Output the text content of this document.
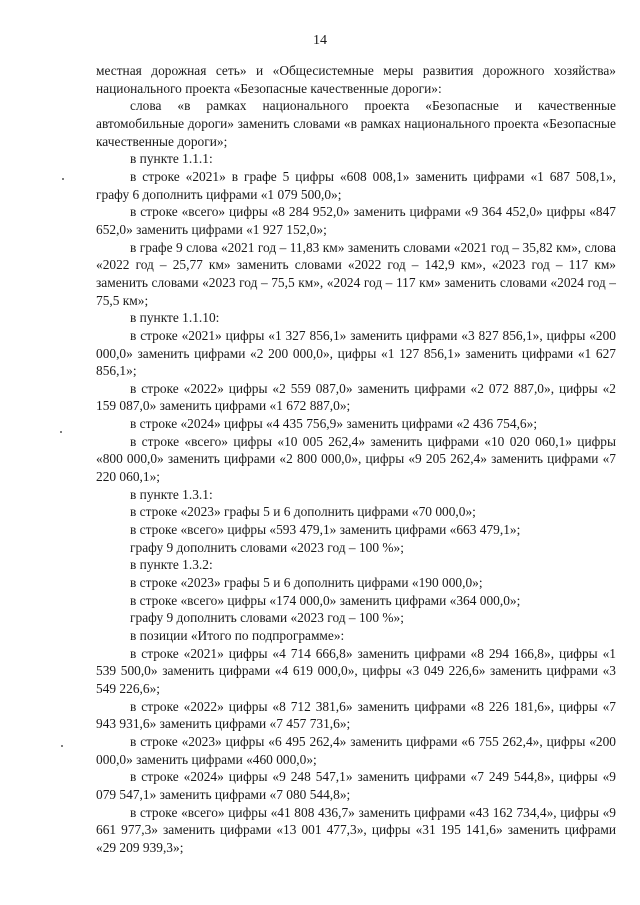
14

местная дорожная сеть» и «Общесистемные меры развития дорожного хозяйства» национального проекта «Безопасные качественные дороги»:

слова «в рамках национального проекта «Безопасные и качественные автомобильные дороги» заменить словами «в рамках национального проекта «Безопасные качественные дороги»;

в пункте 1.1.1:

в строке «2021» в графе 5 цифры «608 008,1» заменить цифрами «1 687 508,1», графу 6 дополнить цифрами «1 079 500,0»;

в строке «всего» цифры «8 284 952,0» заменить цифрами «9 364 452,0» цифры «847 652,0» заменить цифрами «1 927 152,0»;

в графе 9 слова «2021 год – 11,83 км» заменить словами «2021 год – 35,82 км», слова «2022 год – 25,77 км» заменить словами «2022 год – 142,9 км», «2023 год – 117 км» заменить словами «2023 год – 75,5 км», «2024 год – 117 км» заменить словами «2024 год – 75,5 км»;

в пункте 1.1.10:

в строке «2021» цифры «1 327 856,1» заменить цифрами «3 827 856,1», цифры «200 000,0» заменить цифрами «2 200 000,0», цифры «1 127 856,1» заменить цифрами «1 627 856,1»;

в строке «2022» цифры «2 559 087,0» заменить цифрами «2 072 887,0», цифры «2 159 087,0» заменить цифрами «1 672 887,0»;

в строке «2024» цифры «4 435 756,9» заменить цифрами «2 436 754,6»;

в строке «всего» цифры «10 005 262,4» заменить цифрами «10 020 060,1» цифры «800 000,0» заменить цифрами «2 800 000,0», цифры «9 205 262,4» заменить цифрами «7 220 060,1»;

в пункте 1.3.1:

в строке «2023» графы 5 и 6 дополнить цифрами «70 000,0»;

в строке «всего» цифры «593 479,1» заменить цифрами «663 479,1»;

графу 9 дополнить словами «2023 год – 100 %»;

в пункте 1.3.2:

в строке «2023» графы 5 и 6 дополнить цифрами «190 000,0»;

в строке «всего» цифры «174 000,0» заменить цифрами «364 000,0»;

графу 9 дополнить словами «2023 год – 100 %»;

в позиции «Итого по подпрограмме»:

в строке «2021» цифры «4 714 666,8» заменить цифрами «8 294 166,8», цифры «1 539 500,0» заменить цифрами «4 619 000,0», цифры «3 049 226,6» заменить цифрами «3 549 226,6»;

в строке «2022» цифры «8 712 381,6» заменить цифрами «8 226 181,6», цифры «7 943 931,6» заменить цифрами «7 457 731,6»;

в строке «2023» цифры «6 495 262,4» заменить цифрами «6 755 262,4», цифры «200 000,0» заменить цифрами «460 000,0»;

в строке «2024» цифры «9 248 547,1» заменить цифрами «7 249 544,8», цифры «9 079 547,1» заменить цифрами «7 080 544,8»;

в строке «всего» цифры «41 808 436,7» заменить цифрами «43 162 734,4», цифры «9 661 977,3» заменить цифрами «13 001 477,3», цифры «31 195 141,6» заменить цифрами «29 209 939,3»;
